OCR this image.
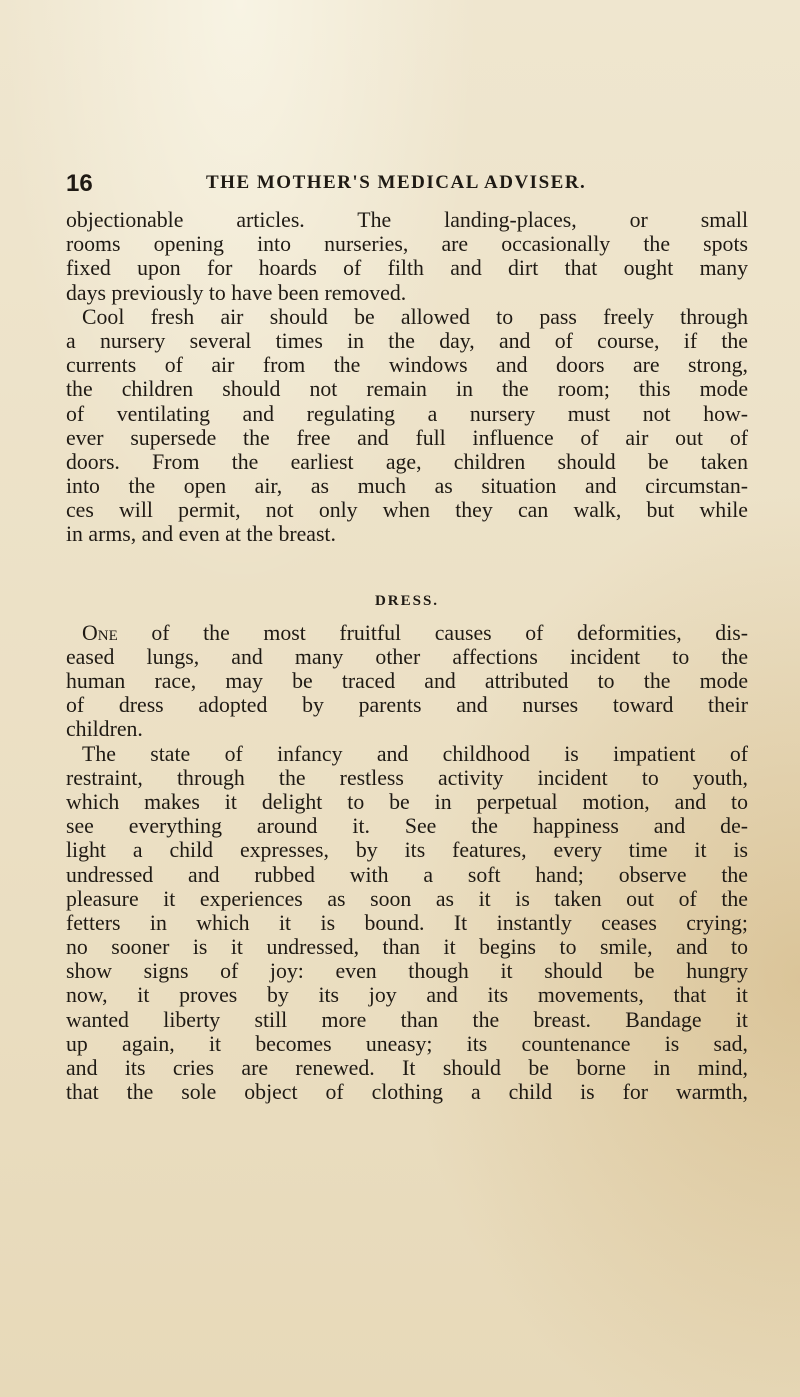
16	THE MOTHER'S MEDICAL ADVISER.
objectionable articles. The landing-places, or small
rooms opening into nurseries, are occasionally the spots
fixed upon for hoards of filth and dirt that ought many
days previously to have been removed.
Cool fresh air should be allowed to pass freely through
a nursery several times in the day, and of course, if the
currents of air from the windows and doors are strong,
the children should not remain in the room; this mode
of ventilating and regulating a nursery must not how-
ever supersede the free and full influence of air out of
doors. From the earliest age, children should be taken
into the open air, as much as situation and circumstan-
ces will permit, not only when they can walk, but while
in arms, and even at the breast.
DRESS.
One of the most fruitful causes of deformities, dis-
eased lungs, and many other affections incident to the
human race, may be traced and attributed to the mode
of dress adopted by parents and nurses toward their
children.
The state of infancy and childhood is impatient of
restraint, through the restless activity incident to youth,
which makes it delight to be in perpetual motion, and to
see everything around it. See the happiness and de-
light a child expresses, by its features, every time it is
undressed and rubbed with a soft hand; observe the
pleasure it experiences as soon as it is taken out of the
fetters in which it is bound. It instantly ceases crying;
no sooner is it undressed, than it begins to smile, and to
show signs of joy: even though it should be hungry
now, it proves by its joy and its movements, that it
wanted liberty still more than the breast. Bandage it
up again, it becomes uneasy; its countenance is sad,
and its cries are renewed. It should be borne in mind,
that the sole object of clothing a child is for warmth,
